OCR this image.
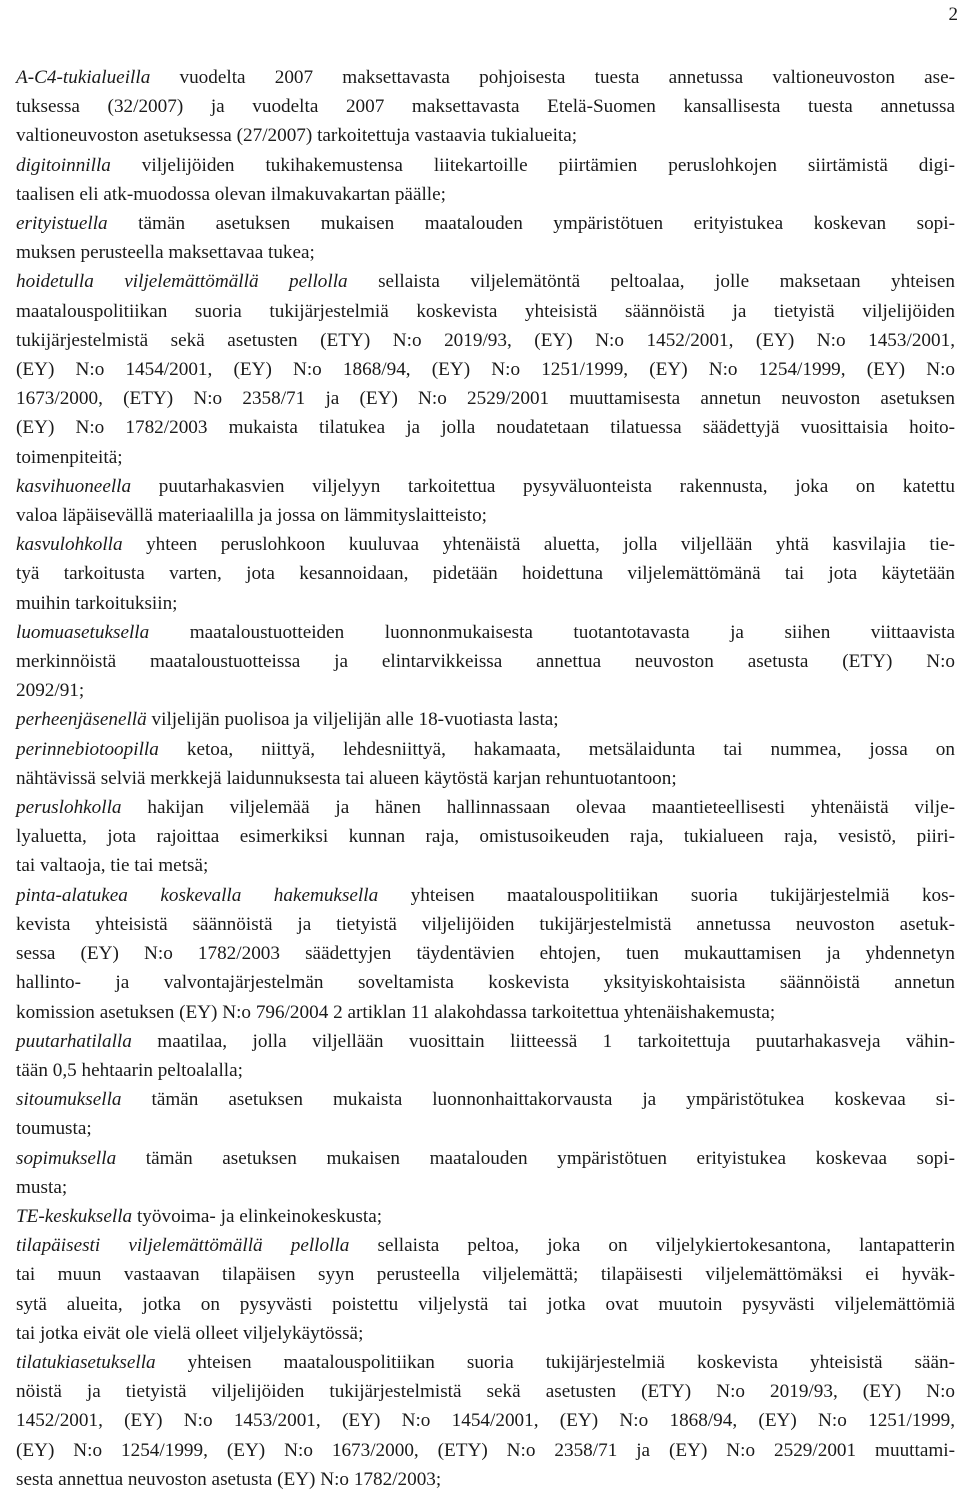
2
A-C4-tukialueilla vuodelta 2007 maksettavasta pohjoisesta tuesta annetussa valtioneuvoston ase-
tuksessa (32/2007) ja vuodelta 2007 maksettavasta Etelä-Suomen kansallisesta tuesta annetussa
valtioneuvoston asetuksessa (27/2007) tarkoitettuja vastaavia tukialueita;
digitoinnilla viljelijöiden tukihakemustensa liitekartoille piirtämien peruslohkojen siirtämistä digi-
taalisen eli atk-muodossa olevan ilmakuvakartan päälle;
erityistuella tämän asetuksen mukaisen maatalouden ympäristötuen erityistukea koskevan sopi-
muksen perusteella maksettavaa tukea;
hoidetulla viljelemättömällä pellolla sellaista viljelemätöntä peltoalaa, jolle maksetaan yhteisen
maatalouspolitiikan suoria tukijärjestelmiä koskevista yhteisistä säännöistä ja tietyistä viljelijöiden
tukijärjestelmistä sekä asetusten (ETY) N:o 2019/93, (EY) N:o 1452/2001, (EY) N:o 1453/2001,
(EY) N:o 1454/2001, (EY) N:o 1868/94, (EY) N:o 1251/1999, (EY) N:o 1254/1999, (EY) N:o
1673/2000, (ETY) N:o 2358/71 ja (EY) N:o 2529/2001 muuttamisesta annetun neuvoston asetuksen
(EY) N:o 1782/2003 mukaista tilatukea ja jolla noudatetaan tilatuessa säädettyjä vuosittaisia hoito-
toimenpiteitä;
kasvihuoneella puutarhakasvien viljelyyn tarkoitettua pysyväluonteista rakennusta, joka on katettu
valoa läpäisevällä materiaalilla ja jossa on lämmityslaitteisto;
kasvulohkolla yhteen peruslohkoon kuuluvaa yhtenäistä aluetta, jolla viljellään yhtä kasvilajia tie-
tyä tarkoitusta varten, jota kesannoidaan, pidetään hoidettuna viljelemättömänä tai jota käytetään
muihin tarkoituksiin;
luomuasetuksella maataloustuotteiden luonnonmukaisesta tuotantotavasta ja siihen viittaavista
merkinnöistä maataloustuotteissa ja elintarvikkeissa annettua neuvoston asetusta (ETY) N:o
2092/91;
perheenjäsenellä viljelijän puolisoa ja viljelijän alle 18-vuotiasta lasta;
perinnebiotoopilla ketoa, niittyä, lehdesniittyä, hakamaata, metsälaidunta tai nummea, jossa on
nähtävissä selviä merkkejä laidunnuksesta tai alueen käytöstä karjan rehuntuotantoon;
peruslohkolla hakijan viljelemää ja hänen hallinnassaan olevaa maantieteellisesti yhtenäistä vilje-
lyaluetta, jota rajoittaa esimerkiksi kunnan raja, omistusoikeuden raja, tukialueen raja, vesistö, piiri-
tai valtaoja, tie tai metsä;
pinta-alatukea koskevalla hakemuksella yhteisen maatalouspolitiikan suoria tukijärjestelmiä kos-
kevista yhteisistä säännöistä ja tietyistä viljelijöiden tukijärjestelmistä annetussa neuvoston asetuk-
sessa (EY) N:o 1782/2003 säädettyjen täydentävien ehtojen, tuen mukauttamisen ja yhdennetyn
hallinto- ja valvontajärjestelmän soveltamista koskevista yksityiskohtaisista säännöistä annetun
komission asetuksen (EY) N:o 796/2004 2 artiklan 11 alakohdassa tarkoitettua yhtenäishakemusta;
puutarhatilalla maatilaa, jolla viljellään vuosittain liitteessä 1 tarkoitettuja puutarhakasveja vähin-
tään 0,5 hehtaarin peltoalalla;
sitoumuksella tämän asetuksen mukaista luonnonhaittakorvausta ja ympäristötukea koskevaa si-
toumusta;
sopimuksella tämän asetuksen mukaisen maatalouden ympäristötuen erityistukea koskevaa sopi-
musta;
TE-keskuksella työvoima- ja elinkeinokeskusta;
tilapäisesti viljelemättömällä pellolla sellaista peltoa, joka on viljelykiertokesantona, lantapatterin
tai muun vastaavan tilapäisen syyn perusteella viljelemättä; tilapäisesti viljelemättömäksi ei hyväk-
sytä alueita, jotka on pysyvästi poistettu viljelystä tai jotka ovat muutoin pysyvästi viljelemättömiä
tai jotka eivät ole vielä olleet viljelykäytössä;
tilatukiasetuksella yhteisen maatalouspolitiikan suoria tukijärjestelmiä koskevista yhteisistä sään-
nöistä ja tietyistä viljelijöiden tukijärjestelmistä sekä asetusten (ETY) N:o 2019/93, (EY) N:o
1452/2001, (EY) N:o 1453/2001, (EY) N:o 1454/2001, (EY) N:o 1868/94, (EY) N:o 1251/1999,
(EY) N:o 1254/1999, (EY) N:o 1673/2000, (ETY) N:o 2358/71 ja (EY) N:o 2529/2001 muuttami-
sesta annettua neuvoston asetusta (EY) N:o 1782/2003;
